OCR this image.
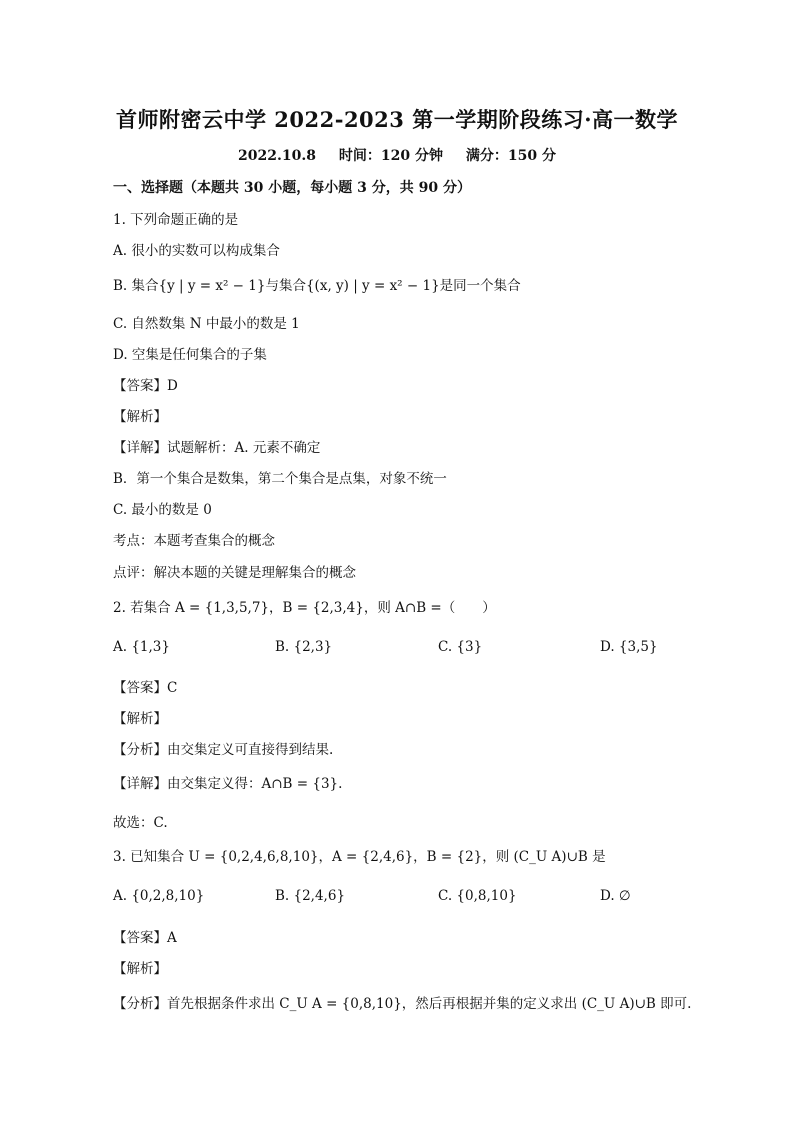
首师附密云中学 2022-2023 第一学期阶段练习·高一数学
2022.10.8 时间：120 分钟 满分：150 分
一、选择题（本题共 30 小题，每小题 3 分，共 90 分）
1. 下列命题正确的是
A. 很小的实数可以构成集合
B. 集合{y | y = x² − 1}与集合{(x, y) | y = x² − 1}是同一个集合
C. 自然数集 N 中最小的数是 1
D. 空集是任何集合的子集
【答案】D
【解析】
【详解】试题解析：A. 元素不确定
B．第一个集合是数集，第二个集合是点集，对象不统一
C. 最小的数是 0
考点：本题考查集合的概念
点评：解决本题的关键是理解集合的概念
2. 若集合 A = {1,3,5,7}，B = {2,3,4}，则 A∩B =（　　）
A. {1,3}	B. {2,3}	C. {3}	D. {3,5}
【答案】C
【解析】
【分析】由交集定义可直接得到结果.
【详解】由交集定义得：A∩B = {3}.
故选：C.
3. 已知集合 U = {0,2,4,6,8,10}，A = {2,4,6}，B = {2}，则 (C_U A)∪B 是
A. {0,2,8,10}	B. {2,4,6}	C. {0,8,10}	D. ∅
【答案】A
【解析】
【分析】首先根据条件求出 C_U A = {0,8,10}，然后再根据并集的定义求出 (C_U A)∪B 即可.
